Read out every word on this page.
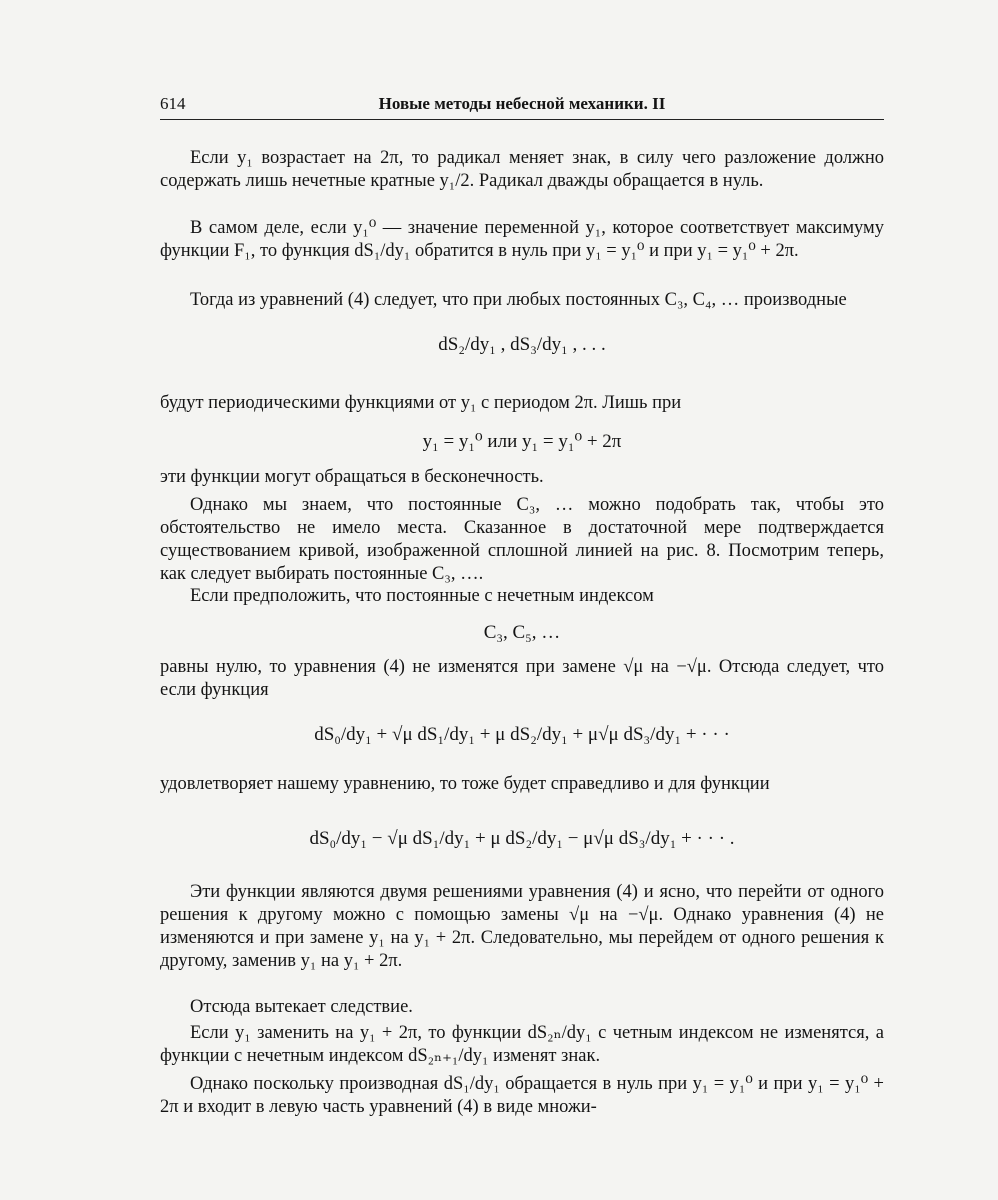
614	Новые методы небесной механики. II

Если y₁ возрастает на 2π, то радикал меняет знак, в силу чего разложение должно содержать лишь нечетные кратные y₁/2. Радикал дважды обращается в нуль.

В самом деле, если y₁⁰ — значение переменной y₁, которое соответствует максимуму функции F₁, то функция dS₁/dy₁ обратится в нуль при y₁ = y₁⁰ и при y₁ = y₁⁰ + 2π.

Тогда из уравнений (4) следует, что при любых постоянных C₃, C₄, … производные

dS₂/dy₁ , dS₃/dy₁ , . . .

будут периодическими функциями от y₁ с периодом 2π. Лишь при

y₁ = y₁⁰ или y₁ = y₁⁰ + 2π

эти функции могут обращаться в бесконечность.

Однако мы знаем, что постоянные C₃, … можно подобрать так, чтобы это обстоятельство не имело места. Сказанное в достаточной мере подтверждается существованием кривой, изображенной сплошной линией на рис. 8. Посмотрим теперь, как следует выбирать постоянные C₃, ….

Если предположить, что постоянные с нечетным индексом

C₃, C₅, …

равны нулю, то уравнения (4) не изменятся при замене √μ на −√μ. Отсюда следует, что если функция

dS₀/dy₁ + √μ dS₁/dy₁ + μ dS₂/dy₁ + μ√μ dS₃/dy₁ + · · ·

удовлетворяет нашему уравнению, то тоже будет справедливо и для функции

dS₀/dy₁ − √μ dS₁/dy₁ + μ dS₂/dy₁ − μ√μ dS₃/dy₁ + · · · .

Эти функции являются двумя решениями уравнения (4) и ясно, что перейти от одного решения к другому можно с помощью замены √μ на −√μ. Однако уравнения (4) не изменяются и при замене y₁ на y₁ + 2π. Следовательно, мы перейдем от одного решения к другому, заменив y₁ на y₁ + 2π.

Отсюда вытекает следствие.

Если y₁ заменить на y₁ + 2π, то функции dS₂ₙ/dy₁ с четным индексом не изменятся, а функции с нечетным индексом dS₂ₙ₊₁/dy₁ изменят знак.

Однако поскольку производная dS₁/dy₁ обращается в нуль при y₁ = y₁⁰ и при y₁ = y₁⁰ + 2π и входит в левую часть уравнений (4) в виде множи-
